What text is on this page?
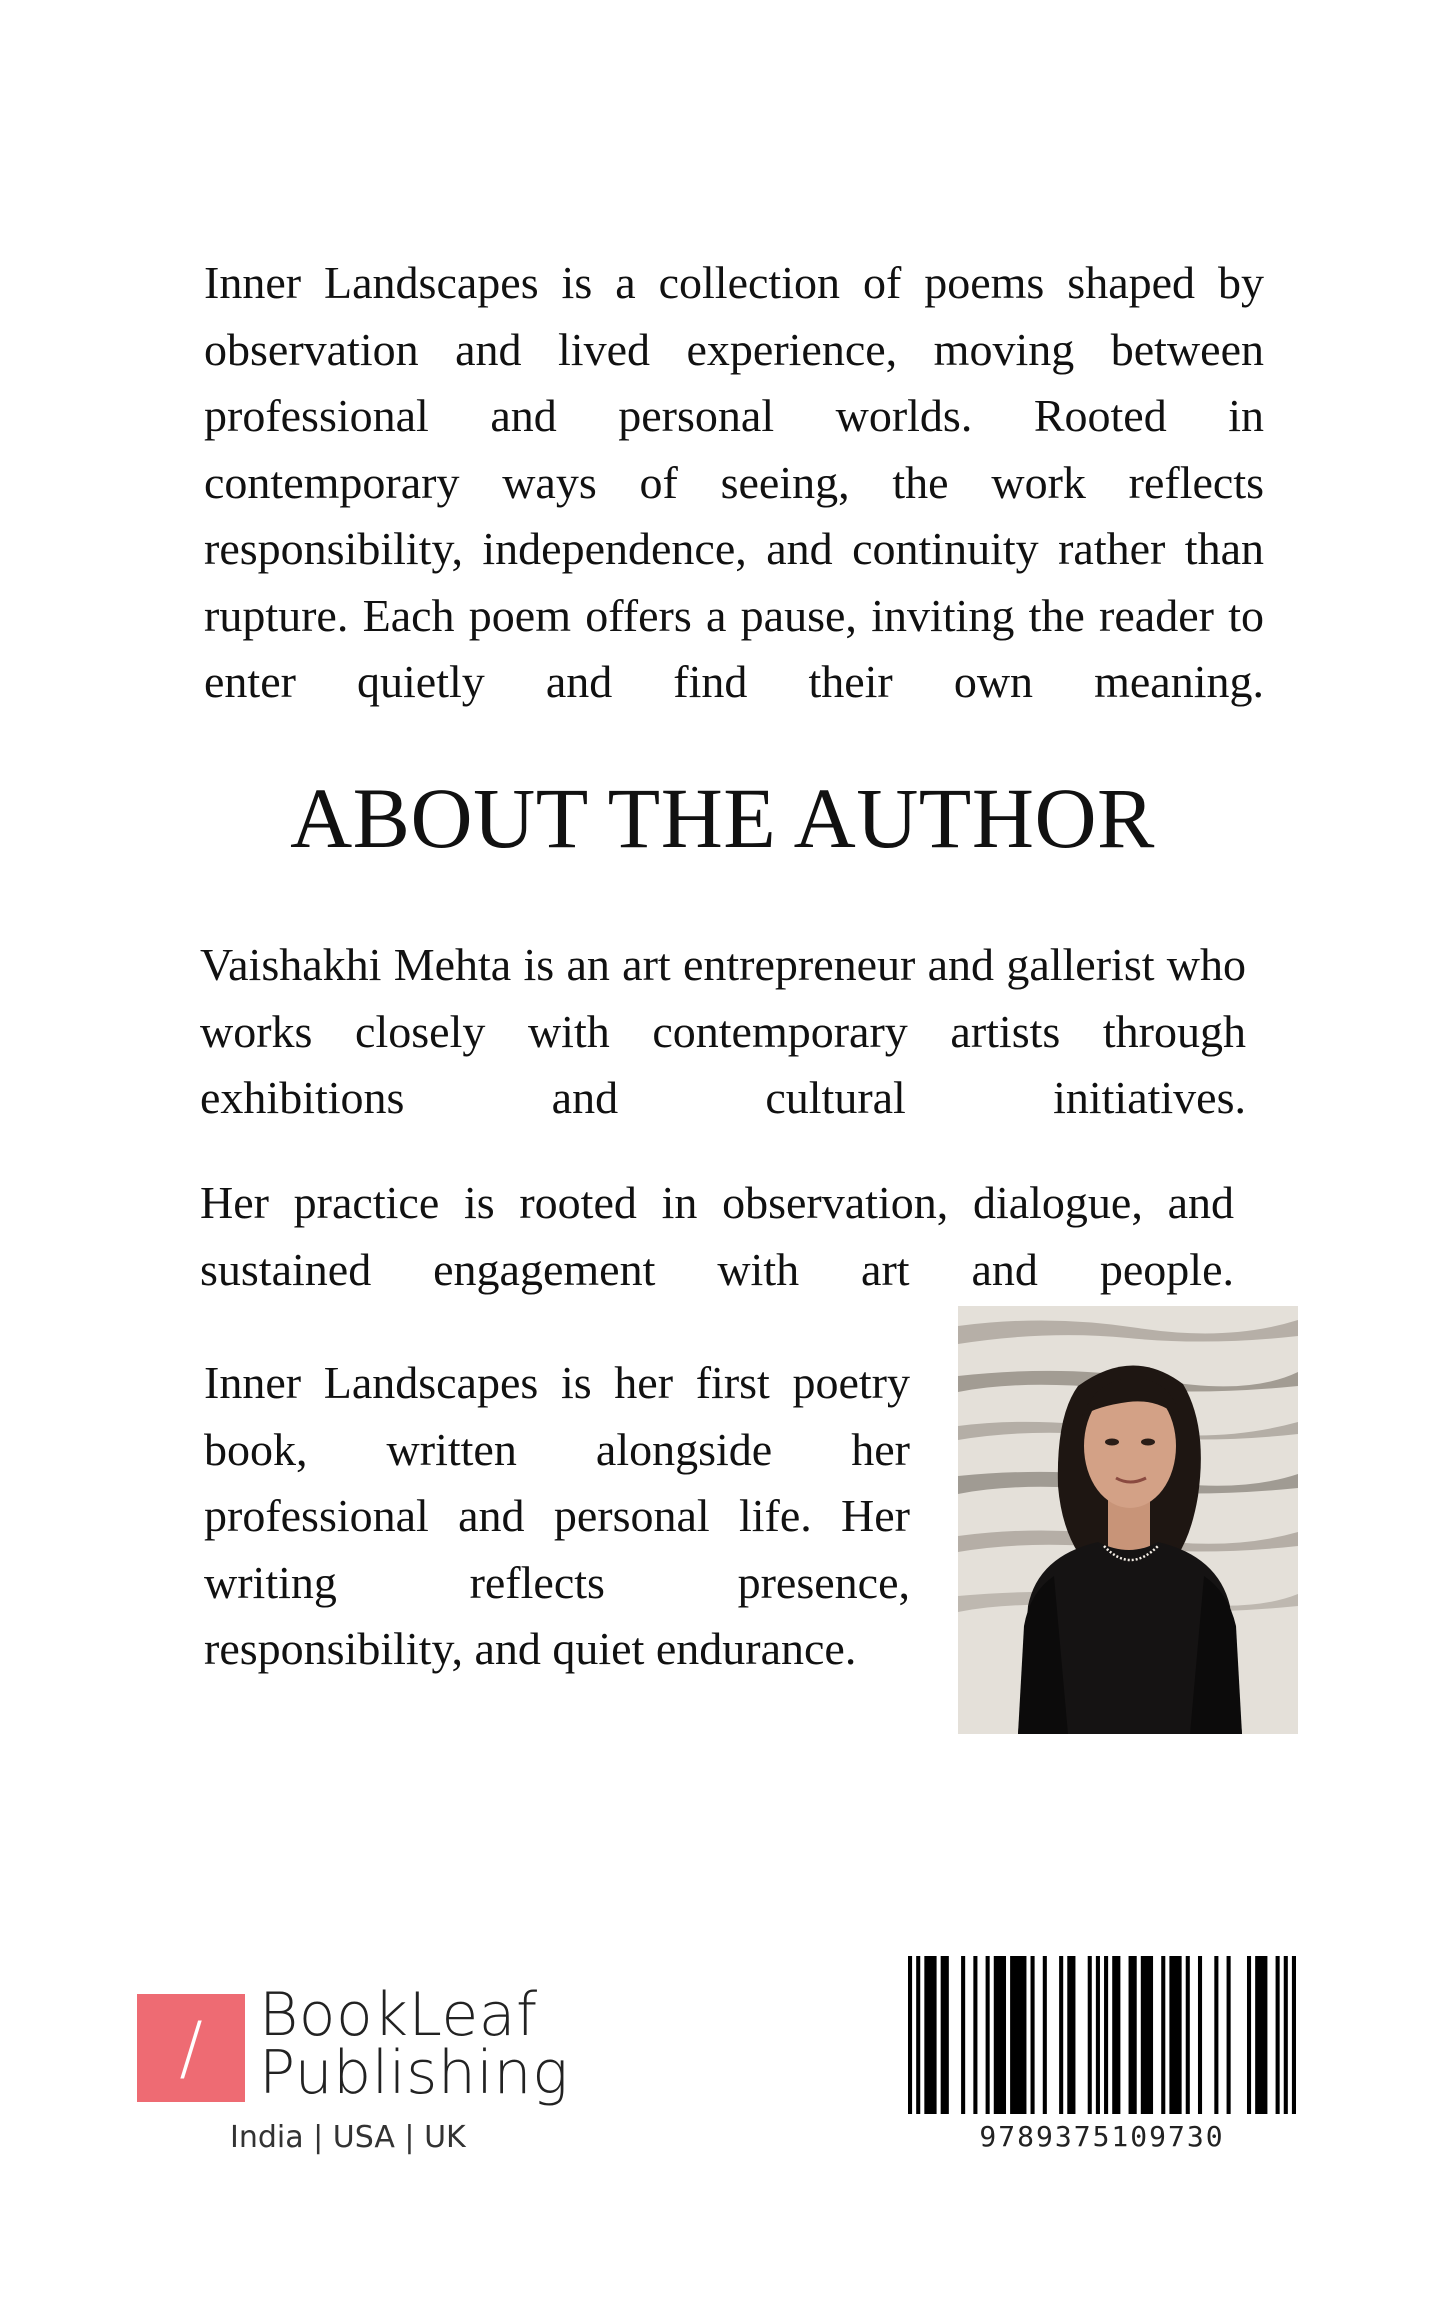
Inner Landscapes is a collection of poems shaped by observation and lived experience, moving between professional and personal worlds. Rooted in contemporary ways of seeing, the work reflects responsibility, independence, and continuity rather than rupture. Each poem offers a pause, inviting the reader to enter quietly and find their own meaning.

ABOUT THE AUTHOR

Vaishakhi Mehta is an art entrepreneur and gallerist who works closely with contemporary artists through exhibitions and cultural initiatives.

Her practice is rooted in observation, dialogue, and sustained engagement with art and people.

Inner Landscapes is her first poetry book, written alongside her professional and personal life. Her writing reflects presence, responsibility, and quiet endurance.

/ BookLeaf
Publishing
India | USA | UK	9789375109730
